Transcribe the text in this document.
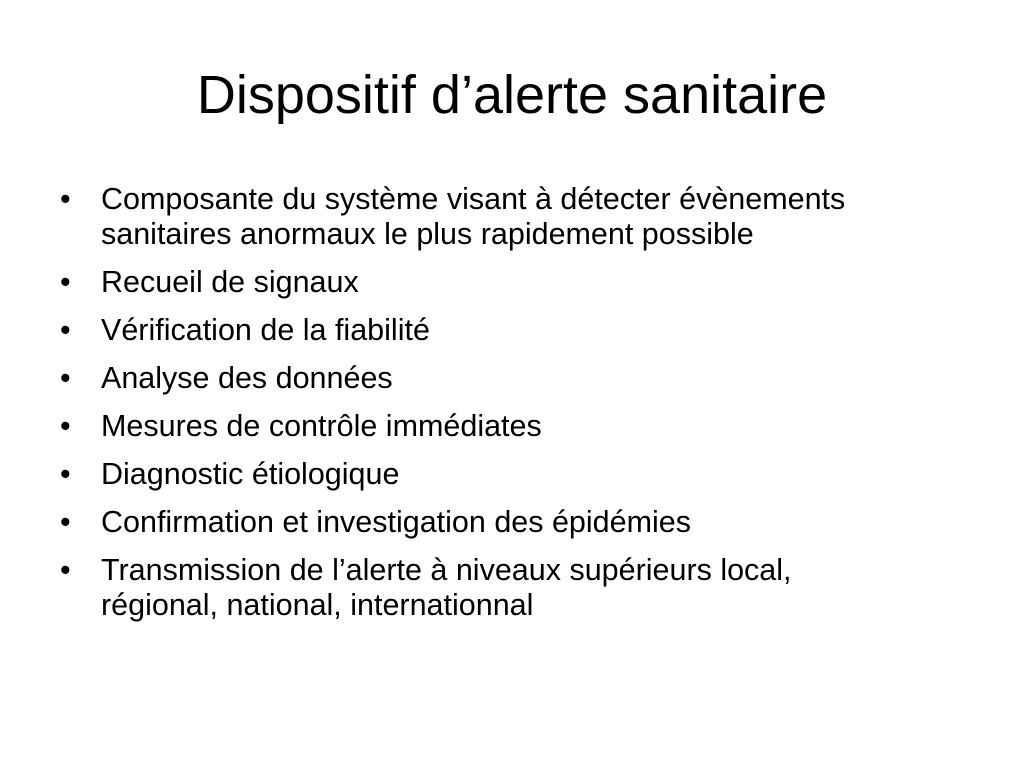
Dispositif d’alerte sanitaire
• Composante du système visant à détecter évènements sanitaires anormaux le plus rapidement possible
• Recueil de signaux
• Vérification de la fiabilité
• Analyse des données
• Mesures de contrôle immédiates
• Diagnostic étiologique
• Confirmation et investigation des épidémies
• Transmission de l’alerte à niveaux supérieurs local, régional, national, internationnal
